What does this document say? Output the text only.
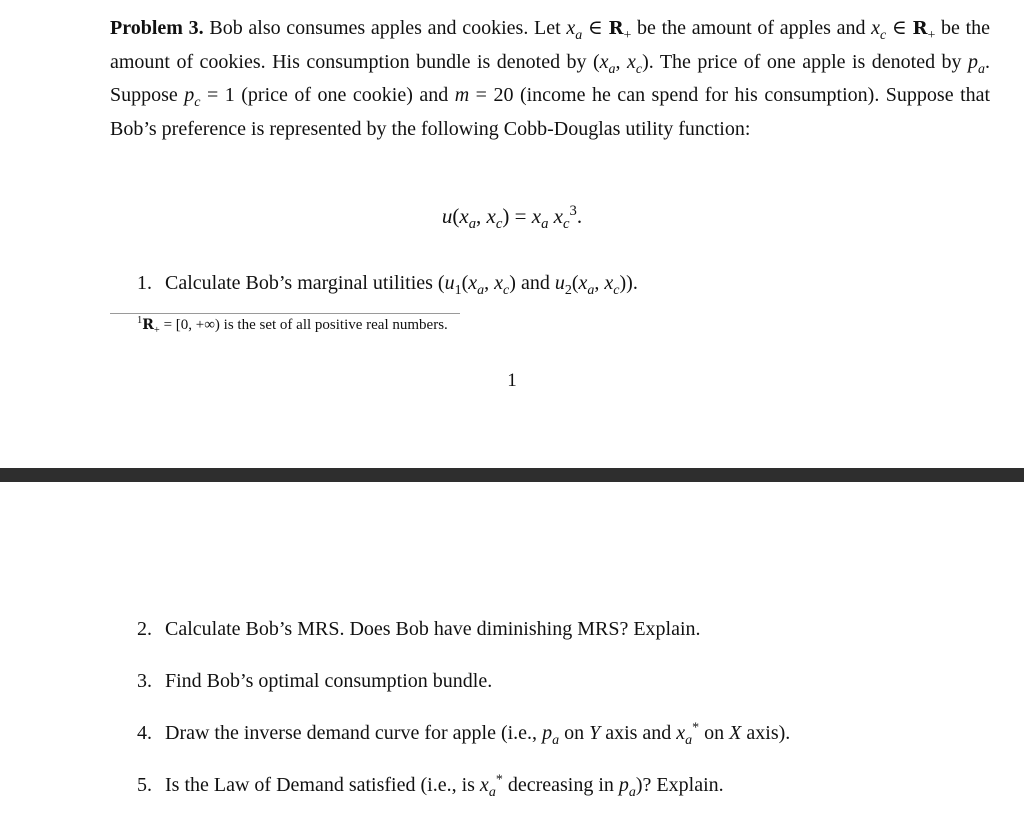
Problem 3. Bob also consumes apples and cookies. Let $x_a$ ∈ $R_+$ be the amount of apples and $x_c$ ∈ $R_+$ be the amount of cookies. His consumption bundle is denoted by ($x_a$, $x_c$). The price of one apple is denoted by $p_a$. Suppose $p_c = 1$ (price of one cookie) and m = 20 (income he can spend for his consumption). Suppose that Bob’s preference is represented by the following Cobb-Douglas utility function:

$u(x_a$, $x_c) = x_a$ $x_c^3$.
1. Calculate Bob’s marginal utilities ($u_1(x_a$, $x_c$) and $u_2(x_a$, $x_c$)).
$^1R_+ = [0$, +∞) is the set of all positive real numbers.
1
2. Calculate Bob’s MRS. Does Bob have diminishing MRS? Explain.
3. Find Bob’s optimal consumption bundle.
4. Draw the inverse demand curve for apple (i.e., $p_a$ on Y axis and $x_a^*$ on X axis).
5. Is the Law of Demand satisfied (i.e., is $x_a^*$ decreasing in $p_a$)? Explain.
